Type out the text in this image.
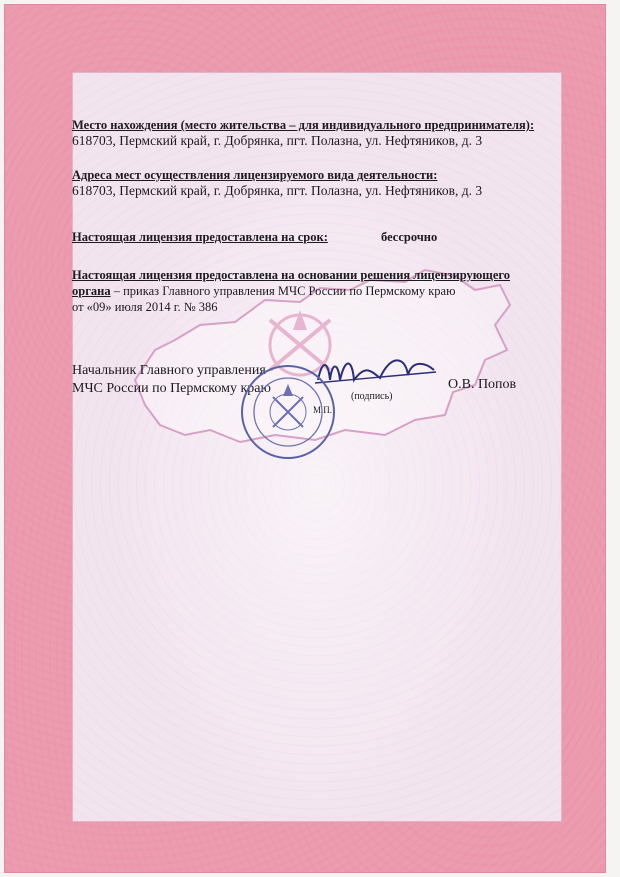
Место нахождения (место жительства – для индивидуального предпринимателя):
618703, Пермский край, г. Добрянка, пгт. Полазна, ул. Нефтяников, д. 3
Адреса мест осуществления лицензируемого вида деятельности:
618703, Пермский край, г. Добрянка, пгт. Полазна, ул. Нефтяников, д. 3
Настоящая лицензия предоставлена на срок:	бессрочно
Настоящая лицензия предоставлена на основании решения лицензирующего
органа – приказ Главного управления МЧС России по Пермскому краю
от «09» июля 2014 г. № 386
Начальник Главного управления
МЧС России по Пермскому краю
(подпись)
О.В. Попов
М.П.
